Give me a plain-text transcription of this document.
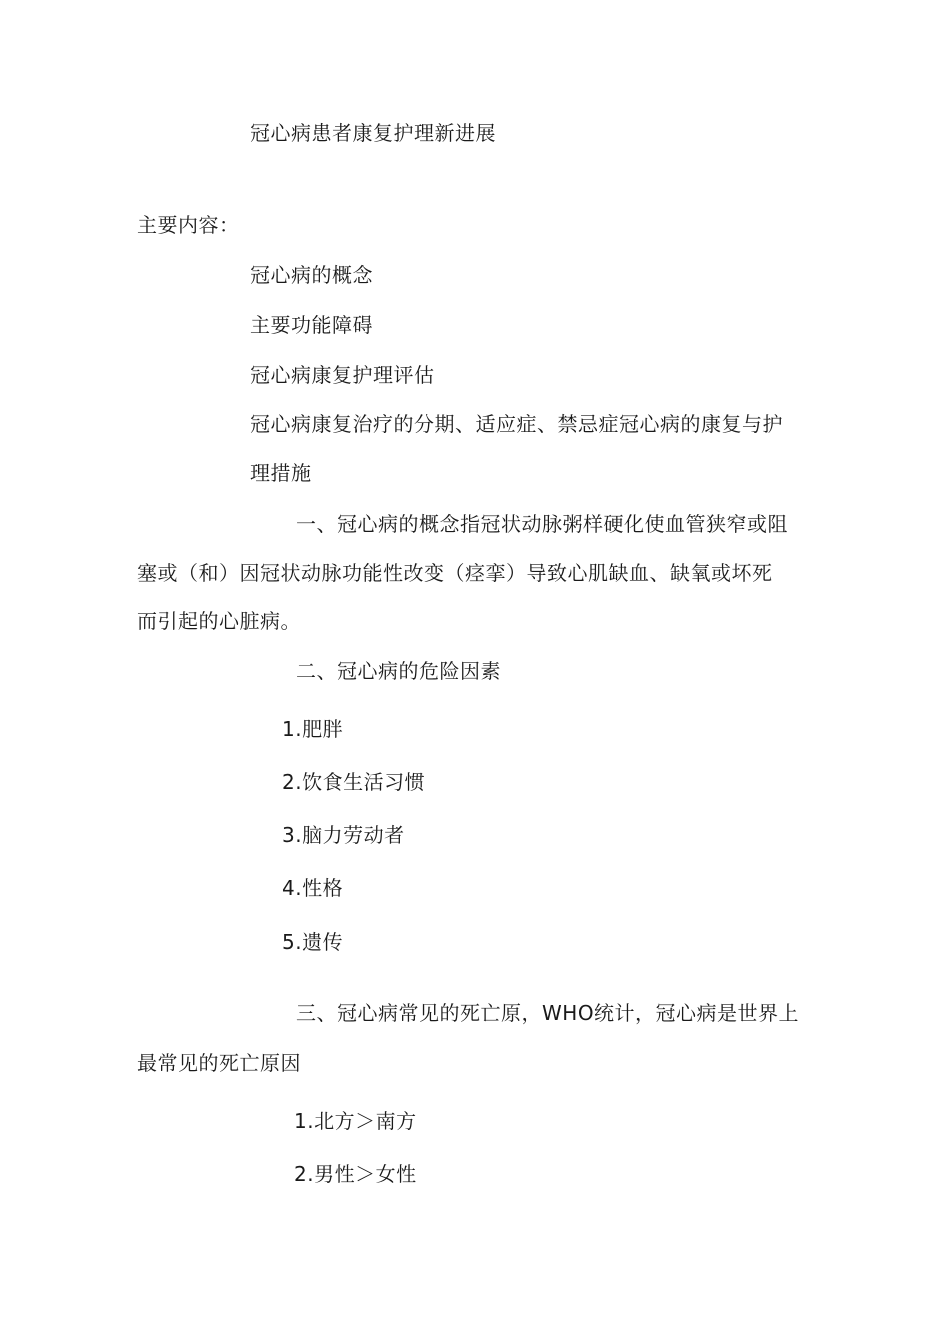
冠心病患者康复护理新进展
主要内容：
冠心病的概念
主要功能障碍
冠心病康复护理评估
冠心病康复治疗的分期、适应症、禁忌症冠心病的康复与护
理措施
一、冠心病的概念指冠状动脉粥样硬化使血管狭窄或阻
塞或（和）因冠状动脉功能性改变（痉挛）导致心肌缺血、缺氧或坏死
而引起的心脏病。
二、冠心病的危险因素
1.肥胖
2.饮食生活习惯
3.脑力劳动者
4.性格
5.遗传
三、冠心病常见的死亡原，WHO统计，冠心病是世界上
最常见的死亡原因
1.北方＞南方
2.男性＞女性
